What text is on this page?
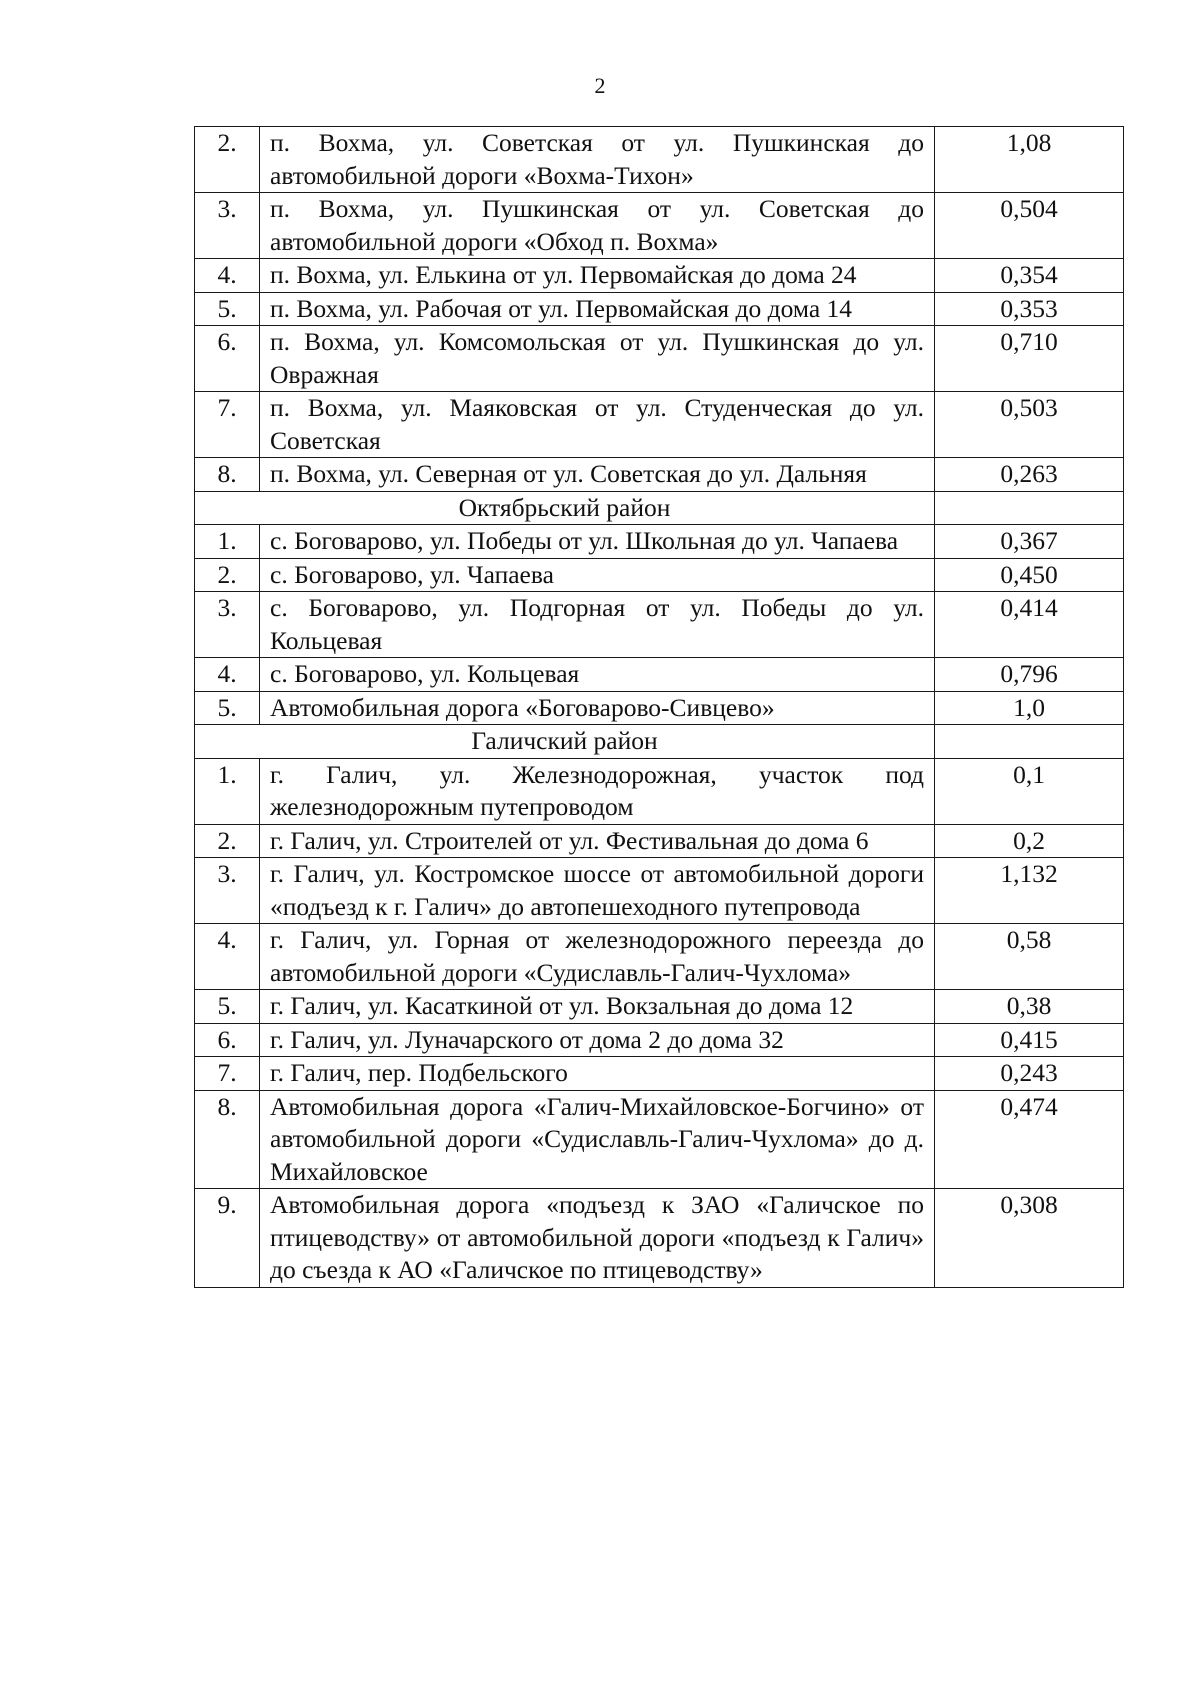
2
2.	п. Вохма, ул. Советская от ул. Пушкинская до автомобильной дороги «Вохма-Тихон»	1,08
3.	п. Вохма, ул. Пушкинская от ул. Советская до автомобильной дороги «Обход п. Вохма»	0,504
4.	п. Вохма, ул. Елькина от ул. Первомайская до дома 24	0,354
5.	п. Вохма, ул. Рабочая от ул. Первомайская до дома 14	0,353
6.	п. Вохма, ул. Комсомольская от ул. Пушкинская до ул. Овражная	0,710
7.	п. Вохма, ул. Маяковская от ул. Студенческая до ул. Советская	0,503
8.	п. Вохма, ул. Северная от ул. Советская до ул. Дальняя	0,263
Октябрьский район		
1.	с. Боговарово, ул. Победы от ул. Школьная до ул. Чапаева	0,367
2.	с. Боговарово, ул. Чапаева	0,450
3.	с. Боговарово, ул. Подгорная от ул. Победы до ул. Кольцевая	0,414
4.	с. Боговарово, ул. Кольцевая	0,796
5.	Автомобильная дорога «Боговарово-Сивцево»	1,0
Галичский район		
1.	г. Галич, ул. Железнодорожная, участок под железнодорожным путепроводом	0,1
2.	г. Галич, ул. Строителей от ул. Фестивальная до дома 6	0,2
3.	г. Галич, ул. Костромское шоссе от автомобильной дороги «подъезд к г. Галич» до автопешеходного путепровода	1,132
4.	г. Галич, ул. Горная от железнодорожного переезда до автомобильной дороги «Судиславль-Галич-Чухлома»	0,58
5.	г. Галич, ул. Касаткиной от ул. Вокзальная до дома 12	0,38
6.	г. Галич, ул. Луначарского от дома 2 до дома 32	0,415
7.	г. Галич, пер. Подбельского	0,243
8.	Автомобильная дорога «Галич-Михайловское-Богчино» от автомобильной дороги «Судиславль-Галич-Чухлома» до д. Михайловское	0,474
9.	Автомобильная дорога «подъезд к ЗАО «Галичское по птицеводству» от автомобильной дороги «подъезд к Галич» до съезда к АО «Галичское по птицеводству»	0,308
